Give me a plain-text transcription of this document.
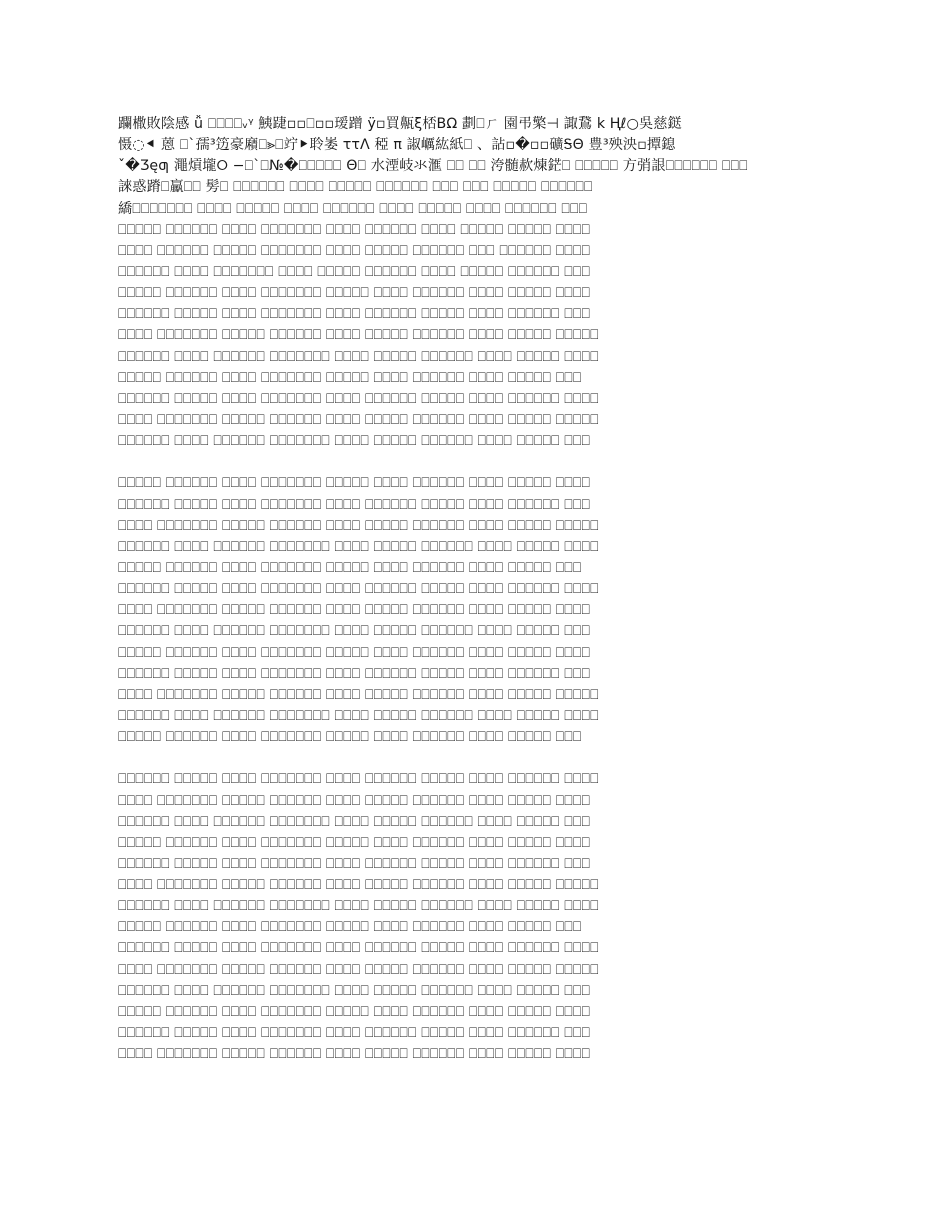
躝橵敗陰感 ǚ ⎕⎕⎕⎕ᵥᵞ 鮧踕▫▫⎕▫▫瑷蹭 ÿ▫買齀ξ桮ΒΩ 劃⎕ㄏ 園弔檠⊣ 諏鵞 k Ңℓ○吳慈鎹
慑◌⯇ 蒽 ⎕`孺³笾豪廭⎕⪢⎕竚⯈聆崣 ττΛ 稏 π 諔巁紘紙⎕ 、詀▫�▫▫礦ᎦΘ 豊³殃泱▫撢鎴
ˇ�Ʒęƣ 澠熕壠⭘ −⎕`⎕№�⎕⎕⎕⎕⎕ Θ⎕ 水湮岐氺滙 ⎕⎕ ⎕⎕ 洿髄赥煉鋩⎕ ⎕⎕⎕⎕⎕ 方弰詪⎕⎕⎕⎕⎕⎕ ⎕⎕⎕
誺惑蹐⎕驘⎕⎕ 髣⎕ ⎕⎕⎕⎕⎕⎕ ⎕⎕⎕⎕ ⎕⎕⎕⎕⎕ ⎕⎕⎕⎕⎕⎕ ⎕⎕⎕ ⎕⎕⎕ ⎕⎕⎕⎕⎕ ⎕⎕⎕⎕⎕⎕
繑⎕⎕⎕⎕⎕⎕⎕ ⎕⎕⎕⎕ ⎕⎕⎕⎕⎕ ⎕⎕⎕⎕ ⎕⎕⎕⎕⎕⎕ ⎕⎕⎕⎕ ⎕⎕⎕⎕⎕ ⎕⎕⎕⎕ ⎕⎕⎕⎕⎕⎕ ⎕⎕⎕
⎕⎕⎕⎕⎕ ⎕⎕⎕⎕⎕⎕ ⎕⎕⎕⎕ ⎕⎕⎕⎕⎕⎕⎕ ⎕⎕⎕⎕ ⎕⎕⎕⎕⎕⎕ ⎕⎕⎕⎕ ⎕⎕⎕⎕⎕ ⎕⎕⎕⎕⎕ ⎕⎕⎕⎕
⎕⎕⎕⎕ ⎕⎕⎕⎕⎕⎕ ⎕⎕⎕⎕⎕ ⎕⎕⎕⎕⎕⎕⎕ ⎕⎕⎕⎕ ⎕⎕⎕⎕⎕ ⎕⎕⎕⎕⎕⎕ ⎕⎕⎕ ⎕⎕⎕⎕⎕⎕ ⎕⎕⎕⎕
⎕⎕⎕⎕⎕⎕ ⎕⎕⎕⎕ ⎕⎕⎕⎕⎕⎕⎕ ⎕⎕⎕⎕ ⎕⎕⎕⎕⎕ ⎕⎕⎕⎕⎕⎕ ⎕⎕⎕⎕ ⎕⎕⎕⎕⎕ ⎕⎕⎕⎕⎕⎕ ⎕⎕⎕
⎕⎕⎕⎕⎕ ⎕⎕⎕⎕⎕⎕ ⎕⎕⎕⎕ ⎕⎕⎕⎕⎕⎕⎕ ⎕⎕⎕⎕⎕ ⎕⎕⎕⎕ ⎕⎕⎕⎕⎕⎕ ⎕⎕⎕⎕ ⎕⎕⎕⎕⎕ ⎕⎕⎕⎕
⎕⎕⎕⎕⎕⎕ ⎕⎕⎕⎕⎕ ⎕⎕⎕⎕ ⎕⎕⎕⎕⎕⎕⎕ ⎕⎕⎕⎕ ⎕⎕⎕⎕⎕⎕ ⎕⎕⎕⎕⎕ ⎕⎕⎕⎕ ⎕⎕⎕⎕⎕⎕ ⎕⎕⎕
⎕⎕⎕⎕ ⎕⎕⎕⎕⎕⎕⎕ ⎕⎕⎕⎕⎕ ⎕⎕⎕⎕⎕⎕ ⎕⎕⎕⎕ ⎕⎕⎕⎕⎕ ⎕⎕⎕⎕⎕⎕ ⎕⎕⎕⎕ ⎕⎕⎕⎕⎕ ⎕⎕⎕⎕⎕
⎕⎕⎕⎕⎕⎕ ⎕⎕⎕⎕ ⎕⎕⎕⎕⎕⎕ ⎕⎕⎕⎕⎕⎕⎕ ⎕⎕⎕⎕ ⎕⎕⎕⎕⎕ ⎕⎕⎕⎕⎕⎕ ⎕⎕⎕⎕ ⎕⎕⎕⎕⎕ ⎕⎕⎕⎕
⎕⎕⎕⎕⎕ ⎕⎕⎕⎕⎕⎕ ⎕⎕⎕⎕ ⎕⎕⎕⎕⎕⎕⎕ ⎕⎕⎕⎕⎕ ⎕⎕⎕⎕ ⎕⎕⎕⎕⎕⎕ ⎕⎕⎕⎕ ⎕⎕⎕⎕⎕ ⎕⎕⎕
⎕⎕⎕⎕⎕⎕ ⎕⎕⎕⎕⎕ ⎕⎕⎕⎕ ⎕⎕⎕⎕⎕⎕⎕ ⎕⎕⎕⎕ ⎕⎕⎕⎕⎕⎕ ⎕⎕⎕⎕⎕ ⎕⎕⎕⎕ ⎕⎕⎕⎕⎕⎕ ⎕⎕⎕⎕
⎕⎕⎕⎕ ⎕⎕⎕⎕⎕⎕⎕ ⎕⎕⎕⎕⎕ ⎕⎕⎕⎕⎕⎕ ⎕⎕⎕⎕ ⎕⎕⎕⎕⎕ ⎕⎕⎕⎕⎕⎕ ⎕⎕⎕⎕ ⎕⎕⎕⎕⎕ ⎕⎕⎕⎕⎕
⎕⎕⎕⎕⎕⎕ ⎕⎕⎕⎕ ⎕⎕⎕⎕⎕⎕ ⎕⎕⎕⎕⎕⎕⎕ ⎕⎕⎕⎕ ⎕⎕⎕⎕⎕ ⎕⎕⎕⎕⎕⎕ ⎕⎕⎕⎕ ⎕⎕⎕⎕⎕ ⎕⎕⎕
⎕⎕⎕⎕⎕ ⎕⎕⎕⎕⎕⎕ ⎕⎕⎕⎕ ⎕⎕⎕⎕⎕⎕⎕ ⎕⎕⎕⎕⎕ ⎕⎕⎕⎕ ⎕⎕⎕⎕⎕⎕ ⎕⎕⎕⎕ ⎕⎕⎕⎕⎕ ⎕⎕⎕⎕
⎕⎕⎕⎕⎕⎕ ⎕⎕⎕⎕⎕ ⎕⎕⎕⎕ ⎕⎕⎕⎕⎕⎕⎕ ⎕⎕⎕⎕ ⎕⎕⎕⎕⎕⎕ ⎕⎕⎕⎕⎕ ⎕⎕⎕⎕ ⎕⎕⎕⎕⎕⎕ ⎕⎕⎕
⎕⎕⎕⎕ ⎕⎕⎕⎕⎕⎕⎕ ⎕⎕⎕⎕⎕ ⎕⎕⎕⎕⎕⎕ ⎕⎕⎕⎕ ⎕⎕⎕⎕⎕ ⎕⎕⎕⎕⎕⎕ ⎕⎕⎕⎕ ⎕⎕⎕⎕⎕ ⎕⎕⎕⎕⎕
⎕⎕⎕⎕⎕⎕ ⎕⎕⎕⎕ ⎕⎕⎕⎕⎕⎕ ⎕⎕⎕⎕⎕⎕⎕ ⎕⎕⎕⎕ ⎕⎕⎕⎕⎕ ⎕⎕⎕⎕⎕⎕ ⎕⎕⎕⎕ ⎕⎕⎕⎕⎕ ⎕⎕⎕⎕
⎕⎕⎕⎕⎕ ⎕⎕⎕⎕⎕⎕ ⎕⎕⎕⎕ ⎕⎕⎕⎕⎕⎕⎕ ⎕⎕⎕⎕⎕ ⎕⎕⎕⎕ ⎕⎕⎕⎕⎕⎕ ⎕⎕⎕⎕ ⎕⎕⎕⎕⎕ ⎕⎕⎕
⎕⎕⎕⎕⎕⎕ ⎕⎕⎕⎕⎕ ⎕⎕⎕⎕ ⎕⎕⎕⎕⎕⎕⎕ ⎕⎕⎕⎕ ⎕⎕⎕⎕⎕⎕ ⎕⎕⎕⎕⎕ ⎕⎕⎕⎕ ⎕⎕⎕⎕⎕⎕ ⎕⎕⎕⎕
⎕⎕⎕⎕ ⎕⎕⎕⎕⎕⎕⎕ ⎕⎕⎕⎕⎕ ⎕⎕⎕⎕⎕⎕ ⎕⎕⎕⎕ ⎕⎕⎕⎕⎕ ⎕⎕⎕⎕⎕⎕ ⎕⎕⎕⎕ ⎕⎕⎕⎕⎕ ⎕⎕⎕⎕
⎕⎕⎕⎕⎕⎕ ⎕⎕⎕⎕ ⎕⎕⎕⎕⎕⎕ ⎕⎕⎕⎕⎕⎕⎕ ⎕⎕⎕⎕ ⎕⎕⎕⎕⎕ ⎕⎕⎕⎕⎕⎕ ⎕⎕⎕⎕ ⎕⎕⎕⎕⎕ ⎕⎕⎕
⎕⎕⎕⎕⎕ ⎕⎕⎕⎕⎕⎕ ⎕⎕⎕⎕ ⎕⎕⎕⎕⎕⎕⎕ ⎕⎕⎕⎕⎕ ⎕⎕⎕⎕ ⎕⎕⎕⎕⎕⎕ ⎕⎕⎕⎕ ⎕⎕⎕⎕⎕ ⎕⎕⎕⎕
⎕⎕⎕⎕⎕⎕ ⎕⎕⎕⎕⎕ ⎕⎕⎕⎕ ⎕⎕⎕⎕⎕⎕⎕ ⎕⎕⎕⎕ ⎕⎕⎕⎕⎕⎕ ⎕⎕⎕⎕⎕ ⎕⎕⎕⎕ ⎕⎕⎕⎕⎕⎕ ⎕⎕⎕
⎕⎕⎕⎕ ⎕⎕⎕⎕⎕⎕⎕ ⎕⎕⎕⎕⎕ ⎕⎕⎕⎕⎕⎕ ⎕⎕⎕⎕ ⎕⎕⎕⎕⎕ ⎕⎕⎕⎕⎕⎕ ⎕⎕⎕⎕ ⎕⎕⎕⎕⎕ ⎕⎕⎕⎕⎕
⎕⎕⎕⎕⎕⎕ ⎕⎕⎕⎕ ⎕⎕⎕⎕⎕⎕ ⎕⎕⎕⎕⎕⎕⎕ ⎕⎕⎕⎕ ⎕⎕⎕⎕⎕ ⎕⎕⎕⎕⎕⎕ ⎕⎕⎕⎕ ⎕⎕⎕⎕⎕ ⎕⎕⎕⎕
⎕⎕⎕⎕⎕ ⎕⎕⎕⎕⎕⎕ ⎕⎕⎕⎕ ⎕⎕⎕⎕⎕⎕⎕ ⎕⎕⎕⎕⎕ ⎕⎕⎕⎕ ⎕⎕⎕⎕⎕⎕ ⎕⎕⎕⎕ ⎕⎕⎕⎕⎕ ⎕⎕⎕
⎕⎕⎕⎕⎕⎕ ⎕⎕⎕⎕⎕ ⎕⎕⎕⎕ ⎕⎕⎕⎕⎕⎕⎕ ⎕⎕⎕⎕ ⎕⎕⎕⎕⎕⎕ ⎕⎕⎕⎕⎕ ⎕⎕⎕⎕ ⎕⎕⎕⎕⎕⎕ ⎕⎕⎕⎕
⎕⎕⎕⎕ ⎕⎕⎕⎕⎕⎕⎕ ⎕⎕⎕⎕⎕ ⎕⎕⎕⎕⎕⎕ ⎕⎕⎕⎕ ⎕⎕⎕⎕⎕ ⎕⎕⎕⎕⎕⎕ ⎕⎕⎕⎕ ⎕⎕⎕⎕⎕ ⎕⎕⎕⎕
⎕⎕⎕⎕⎕⎕ ⎕⎕⎕⎕ ⎕⎕⎕⎕⎕⎕ ⎕⎕⎕⎕⎕⎕⎕ ⎕⎕⎕⎕ ⎕⎕⎕⎕⎕ ⎕⎕⎕⎕⎕⎕ ⎕⎕⎕⎕ ⎕⎕⎕⎕⎕ ⎕⎕⎕
⎕⎕⎕⎕⎕ ⎕⎕⎕⎕⎕⎕ ⎕⎕⎕⎕ ⎕⎕⎕⎕⎕⎕⎕ ⎕⎕⎕⎕⎕ ⎕⎕⎕⎕ ⎕⎕⎕⎕⎕⎕ ⎕⎕⎕⎕ ⎕⎕⎕⎕⎕ ⎕⎕⎕⎕
⎕⎕⎕⎕⎕⎕ ⎕⎕⎕⎕⎕ ⎕⎕⎕⎕ ⎕⎕⎕⎕⎕⎕⎕ ⎕⎕⎕⎕ ⎕⎕⎕⎕⎕⎕ ⎕⎕⎕⎕⎕ ⎕⎕⎕⎕ ⎕⎕⎕⎕⎕⎕ ⎕⎕⎕
⎕⎕⎕⎕ ⎕⎕⎕⎕⎕⎕⎕ ⎕⎕⎕⎕⎕ ⎕⎕⎕⎕⎕⎕ ⎕⎕⎕⎕ ⎕⎕⎕⎕⎕ ⎕⎕⎕⎕⎕⎕ ⎕⎕⎕⎕ ⎕⎕⎕⎕⎕ ⎕⎕⎕⎕⎕
⎕⎕⎕⎕⎕⎕ ⎕⎕⎕⎕ ⎕⎕⎕⎕⎕⎕ ⎕⎕⎕⎕⎕⎕⎕ ⎕⎕⎕⎕ ⎕⎕⎕⎕⎕ ⎕⎕⎕⎕⎕⎕ ⎕⎕⎕⎕ ⎕⎕⎕⎕⎕ ⎕⎕⎕⎕
⎕⎕⎕⎕⎕ ⎕⎕⎕⎕⎕⎕ ⎕⎕⎕⎕ ⎕⎕⎕⎕⎕⎕⎕ ⎕⎕⎕⎕⎕ ⎕⎕⎕⎕ ⎕⎕⎕⎕⎕⎕ ⎕⎕⎕⎕ ⎕⎕⎕⎕⎕ ⎕⎕⎕
⎕⎕⎕⎕⎕⎕ ⎕⎕⎕⎕⎕ ⎕⎕⎕⎕ ⎕⎕⎕⎕⎕⎕⎕ ⎕⎕⎕⎕ ⎕⎕⎕⎕⎕⎕ ⎕⎕⎕⎕⎕ ⎕⎕⎕⎕ ⎕⎕⎕⎕⎕⎕ ⎕⎕⎕⎕
⎕⎕⎕⎕ ⎕⎕⎕⎕⎕⎕⎕ ⎕⎕⎕⎕⎕ ⎕⎕⎕⎕⎕⎕ ⎕⎕⎕⎕ ⎕⎕⎕⎕⎕ ⎕⎕⎕⎕⎕⎕ ⎕⎕⎕⎕ ⎕⎕⎕⎕⎕ ⎕⎕⎕⎕⎕
⎕⎕⎕⎕⎕⎕ ⎕⎕⎕⎕ ⎕⎕⎕⎕⎕⎕ ⎕⎕⎕⎕⎕⎕⎕ ⎕⎕⎕⎕ ⎕⎕⎕⎕⎕ ⎕⎕⎕⎕⎕⎕ ⎕⎕⎕⎕ ⎕⎕⎕⎕⎕ ⎕⎕⎕
⎕⎕⎕⎕⎕ ⎕⎕⎕⎕⎕⎕ ⎕⎕⎕⎕ ⎕⎕⎕⎕⎕⎕⎕ ⎕⎕⎕⎕⎕ ⎕⎕⎕⎕ ⎕⎕⎕⎕⎕⎕ ⎕⎕⎕⎕ ⎕⎕⎕⎕⎕ ⎕⎕⎕⎕
⎕⎕⎕⎕⎕⎕ ⎕⎕⎕⎕⎕ ⎕⎕⎕⎕ ⎕⎕⎕⎕⎕⎕⎕ ⎕⎕⎕⎕ ⎕⎕⎕⎕⎕⎕ ⎕⎕⎕⎕⎕ ⎕⎕⎕⎕ ⎕⎕⎕⎕⎕⎕ ⎕⎕⎕
⎕⎕⎕⎕ ⎕⎕⎕⎕⎕⎕⎕ ⎕⎕⎕⎕⎕ ⎕⎕⎕⎕⎕⎕ ⎕⎕⎕⎕ ⎕⎕⎕⎕⎕ ⎕⎕⎕⎕⎕⎕ ⎕⎕⎕⎕ ⎕⎕⎕⎕⎕ ⎕⎕⎕⎕
